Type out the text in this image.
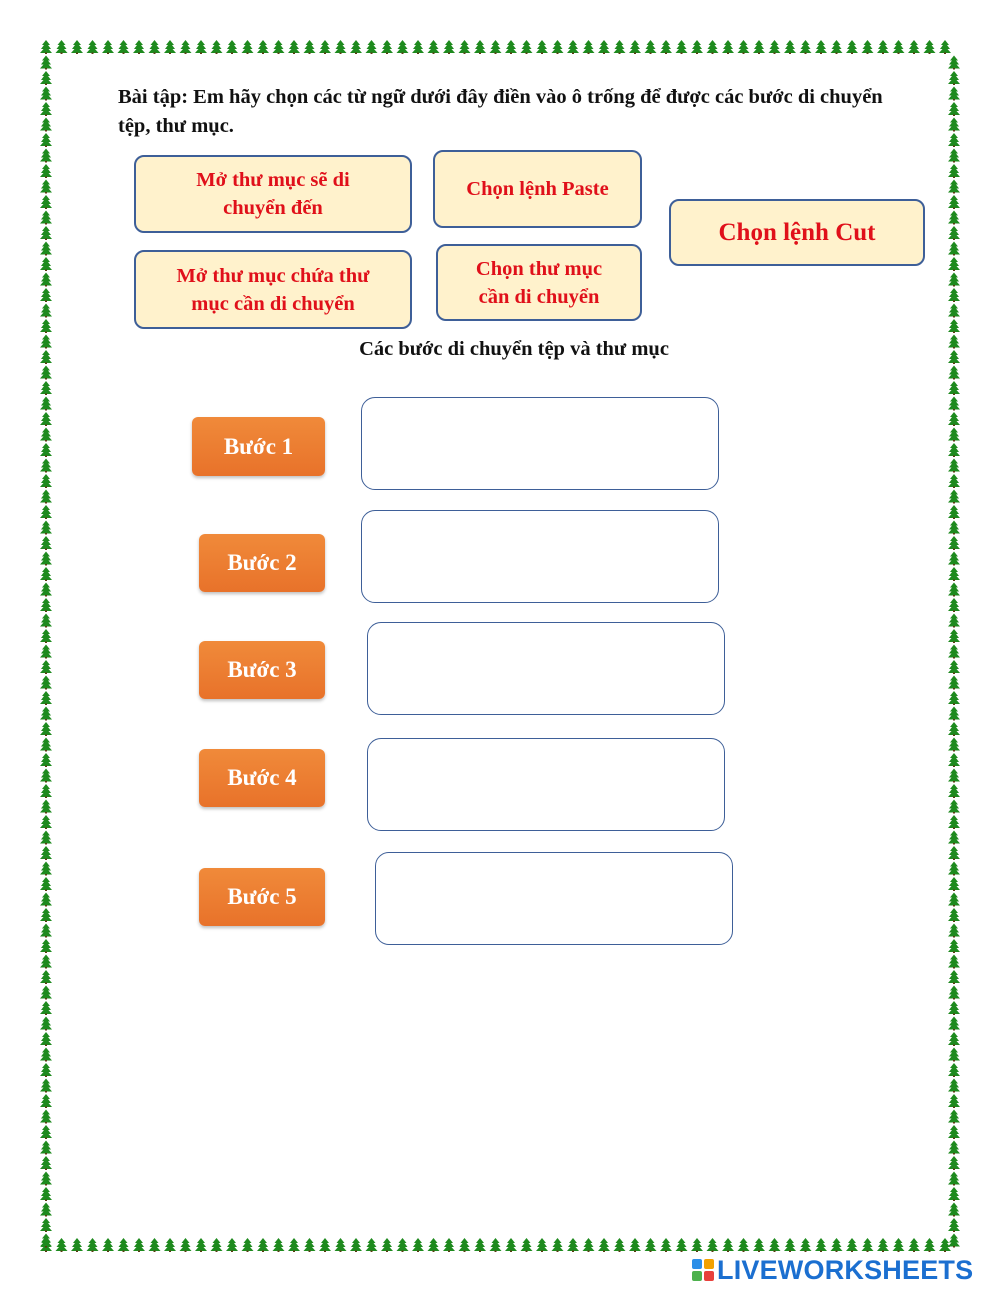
Bài tập: Em hãy chọn các từ ngữ dưới đây điền vào ô trống để được các bước di chuyển tệp, thư mục.
Mở thư mục sẽ di
chuyển đến
Chọn lệnh Paste
Chọn lệnh Cut
Mở thư mục chứa thư
mục cần di chuyển
Chọn thư mục
cần di chuyển
Các bước di chuyển tệp và thư mục
Bước 1
Bước 2
Bước 3
Bước 4
Bước 5
LIVEWORKSHEETS
